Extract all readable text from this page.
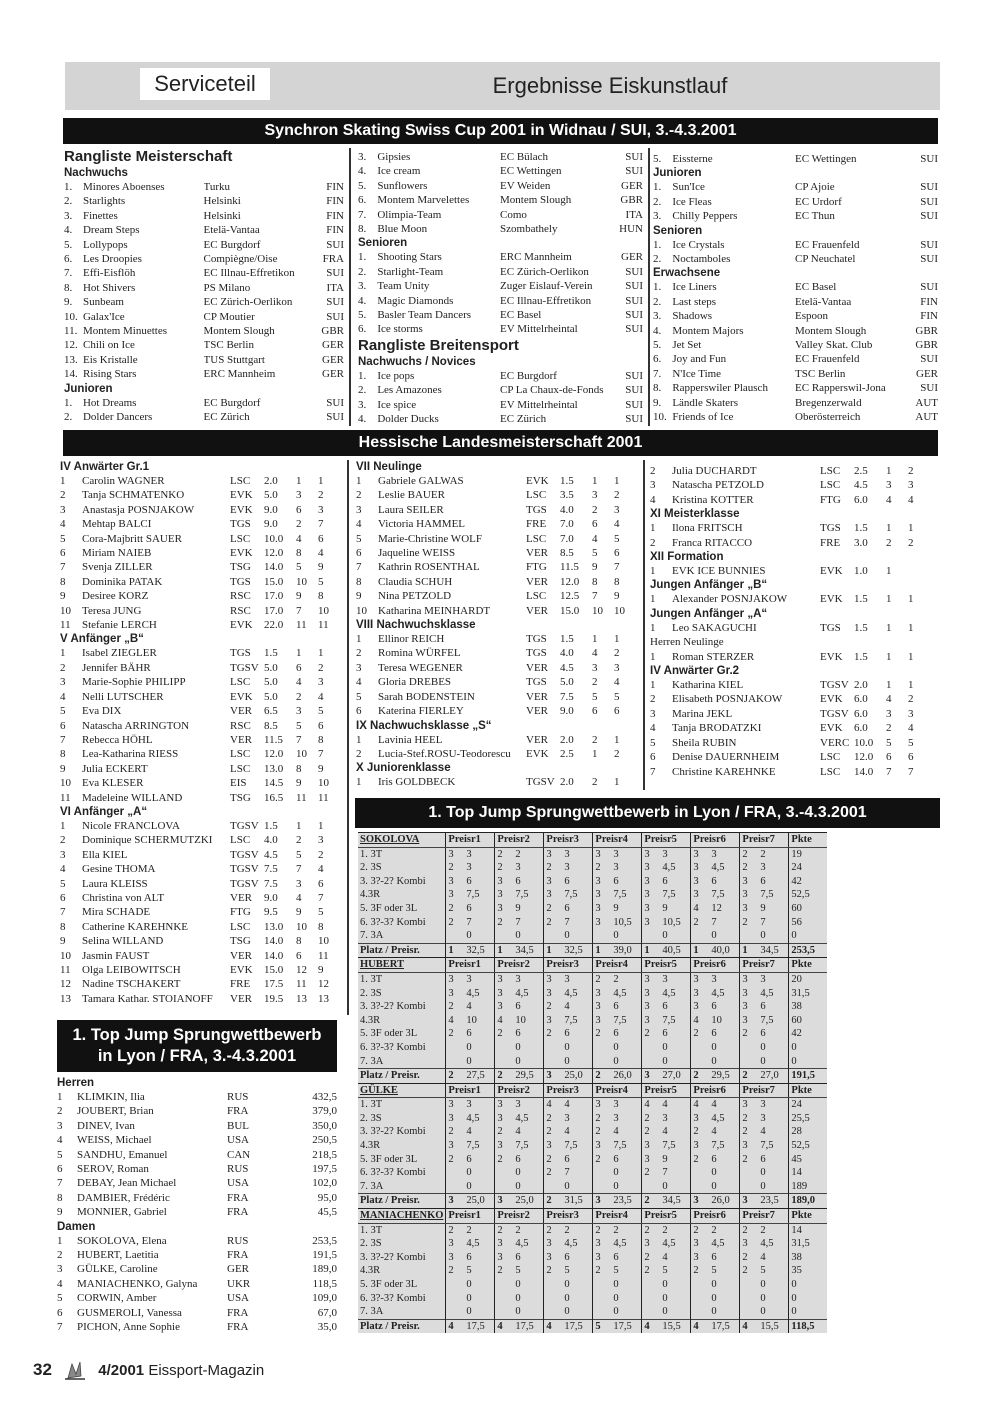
Serviceteil	Ergebnisse Eiskunstlauf
Synchron Skating Swiss Cup 2001 in Widnau / SUI, 3.-4.3.2001
Rangliste Meisterschaft
Nachwuchs
1. Minores Aboenses	Turku	FIN
2. Starlights	Helsinki	FIN
3. Finettes	Helsinki	FIN
4. Dream Steps	Etelä-Vantaa	FIN
5. Lollypops	EC Burgdorf	SUI
6. Les Droopies	Compiègne/Oise	FRA
7. Effi-Eisflöh	EC Illnau-Effretikon	SUI
8. Hot Shivers	PS Milano	ITA
9. Sunbeam	EC Zürich-Oerlikon	SUI
10. Galax'Ice	CP Moutier	SUI
11. Montem Minuettes	Montem Slough	GBR
12. Chili on Ice	TSC Berlin	GER
13. Eis Kristalle	TUS Stuttgart	GER
14. Rising Stars	ERC Mannheim	GER
Junioren
1. Hot Dreams	EC Burgdorf	SUI
2. Dolder Dancers	EC Zürich	SUI
3.	Gipsies	EC Bülach	SUI
4.	Ice cream	EC Wettingen	SUI
5.	Sunflowers	EV Weiden	GER
6.	Montem Marvelettes	Montem Slough	GBR
7.	Olimpia-Team	Como	ITA
8.	Blue Moon	Szombathely	HUN
Senioren
1.	Shooting Stars	ERC Mannheim	GER
2.	Starlight-Team	EC Zürich-Oerlikon	SUI
3.	Team Unity	Zuger Eislauf-Verein	SUI
4.	Magic Diamonds	EC Illnau-Effretikon	SUI
5.	Basler Team Dancers	EC Basel	SUI
6.	Ice storms	EV Mittelrheintal	SUI
Rangliste Breitensport
Nachwuchs / Novices
1.	Ice pops	EC Burgdorf	SUI
2.	Les Amazones	CP La Chaux-de-Fonds	SUI
3.	Ice spice	EV Mittelrheintal	SUI
4.	Dolder Ducks	EC Zürich	SUI
5.	Eissterne	EC Wettingen	SUI
Junioren
1.	Sun'Ice	CP Ajoie	SUI
2.	Ice Fleas	EC Urdorf	SUI
3.	Chilly Peppers	EC Thun	SUI
Senioren
1.	Ice Crystals	EC Frauenfeld	SUI
2.	Noctamboles	CP Neuchatel	SUI
Erwachsene
1.	Ice Liners	EC Basel	SUI
2.	Last steps	Etelä-Vantaa	FIN
3.	Shadows	Espoon	FIN
4.	Montem Majors	Montem Slough	GBR
5.	Jet Set	Valley Skat. Club	GBR
6.	Joy and Fun	EC Frauenfeld	SUI
7.	N'Ice Time	TSC Berlin	GER
8.	Rapperswiler Plausch	EC Rapperswil-Jona	SUI
9.	Ländle Skaters	Bregenzerwald	AUT
10. Friends of Ice	Oberösterreich	AUT
Hessische Landesmeisterschaft 2001
IV Anwärter Gr.1
1	Carolin WAGNER	LSC	2.0	1	1
2	Tanja SCHMATENKO	EVK	5.0	3	2
3	Anastasja POSNJAKOW	EVK	9.0	6	3
4	Mehtap BALCI	TGS	9.0	2	7
5	Cora-Majbritt SAUER	LSC	10.0	4	6
6	Miriam NAIEB	EVK	12.0	8	4
7	Svenja ZILLER	TSG	14.0	5	9
8	Dominika PATAK	TGS	15.0	10	5
9	Desiree KORZ	RSC	17.0	9	8
10	Teresa JUNG	RSC	17.0	7	10
11	Stefanie LERCH	EVK	22.0	11	11
V Anfänger „B“
1	Isabel ZIEGLER	TGS	1.5	1	1
2	Jennifer BÄHR	TGSV 5.0	6	2
3	Marie-Sophie PHILIPP	LSC	5.0	4	3
4	Nelli LUTSCHER	EVK	5.0	2	4
5	Eva DIX	VER	6.5	3	5
6	Natascha ARRINGTON	RSC	8.5	5	6
7	Rebecca HÖHL	VER	11.5	7	8
8	Lea-Katharina RIESS	LSC	12.0	10	7
9	Julia ECKERT	LSC	13.0	8	9
10	Eva KLESER	EIS	14.5	9	10
11	Madeleine WILLAND	TSG	16.5	11	11
VI Anfänger „A“
1	Nicole FRANCLOVA	TGSV 1.5	1	1
2	Dominique SCHERMUTZKI	LSC	4.0	2	3
3	Ella KIEL	TGSV 4.5	5	2
4	Gesine THOMA	TGSV 7.5	7	4
5	Laura KLEISS	TGSV 7.5	3	6
6	Christina von ALT	VER	9.0	4	7
7	Mira SCHADE	FTG	9.5	9	5
8	Catherine KAREHNKE	LSC	13.0	10	8
9	Selina WILLAND	TSG	14.0	8	10
10	Jasmin FAUST	VER	14.0	6	11
11	Olga LEIBOWITSCH	EVK	15.0	12	9
12	Nadine TSCHAKERT	FRE	17.5	11	12
13	Tamara Kathar. STOIANOFF	VER	19.5	13	13
VII Neulinge
1	Gabriele GALWAS	EVK	1.5	1	1
2	Leslie BAUER	LSC	3.5	3	2
3	Laura SEILER	TGS	4.0	2	3
4	Victoria HAMMEL	FRE	7.0	6	4
5	Marie-Christine WOLF	LSC	7.0	4	5
6	Jaqueline WEISS	VER	8.5	5	6
7	Kathrin ROSENTHAL	FTG	11.5	9	7
8	Claudia SCHUH	VER	12.0	8	8
9	Nina PETZOLD	LSC	12.5	7	9
10	Katharina MEINHARDT	VER	15.0	10	10
VIII Nachwuchsklasse
1	Ellinor REICH	TGS	1.5	1	1
2	Romina WÜRFEL	TGS	4.0	4	2
3	Teresa WEGENER	VER	4.5	3	3
4	Gloria DREBES	TGS	5.0	2	4
5	Sarah BODENSTEIN	VER	7.5	5	5
6	Katerina FIERLEY	VER	9.0	6	6
IX Nachwuchsklasse „S“
1	Lavinia HEEL	VER	2.0	2	1
2	Lucia-Stef.ROSU-Teodorescu	EVK	2.5	1	2
X Juniorenklasse
1	Iris GOLDBECK	TGSV 2.0	2	1
2	Julia DUCHARDT	LSC	2.5	1	2
3	Natascha PETZOLD	LSC	4.5	3	3
4	Kristina KOTTER	FTG	6.0	4	4
XI Meisterklasse
1	Ilona FRITSCH	TGS	1.5	1	1
2	Franca RITACCO	FRE	3.0	2	2
XII Formation
1	EVK ICE BUNNIES	EVK	1.0	1
Jungen Anfänger „B“
1	Alexander POSNJAKOW	EVK	1.5	1	1
Jungen Anfänger „A“
1	Leo SAKAGUCHI	TGS	1.5	1	1
Herren Neulinge
1	Roman STERZER	EVK	1.5	1	1
IV Anwärter Gr.2
1	Katharina KIEL	TGSV 2.0	1	1
2	Elisabeth POSNJAKOW	EVK	6.0	4	2
3	Marina JEKL	TGSV 6.0	3	3
4	Tanja BRODATZKI	EVK	6.0	2	4
5	Sheila RUBIN	VERC 10.0	5	5
6	Denise DAUERNHEIM	LSC	12.0	6	6
7	Christine KAREHNKE	LSC	14.0	7	7
1. Top Jump Sprungwettbewerb
in Lyon / FRA, 3.-4.3.2001
Herren
1	KLIMKIN, Ilia	RUS	432,5
2	JOUBERT, Brian	FRA	379,0
3	DINEV, Ivan	BUL	350,0
4	WEISS, Michael	USA	250,5
5	SANDHU, Emanuel	CAN	218,5
6	SEROV, Roman	RUS	197,5
7	DEBAY, Jean Michael	USA	102,0
8	DAMBIER, Frédéric	FRA	95,0
9	MONNIER, Gabriel	FRA	45,5
Damen
1	SOKOLOVA, Elena	RUS	253,5
2	HUBERT, Laetitia	FRA	191,5
3	GÜLKE, Caroline	GER	189,0
4	MANIACHENKO, Galyna	UKR	118,5
5	CORWIN, Amber	USA	109,0
6	GUSMEROLI, Vanessa	FRA	67,0
7	PICHON, Anne Sophie	FRA	35,0
1. Top Jump Sprungwettbewerb in Lyon / FRA, 3.-4.3.2001
SOKOLOVA	Preisr1		Preisr2		Preisr3		Preisr4		Preisr5		Preisr6		Preisr7		Pkte
1. 3T	3	3	2	2	3	3	3	3	3	3	3	3	2	2	19
2. 3S	2	3	2	3	2	3	2	3	3	4,5	3	4,5	2	3	24
3. 3?-2? Kombi	3	6	3	6	3	6	3	6	3	6	3	6	3	6	42
4.3R	3	7,5	3	7,5	3	7,5	3	7,5	3	7,5	3	7,5	3	7,5	52,5
5. 3F oder 3L	2	6	3	9	2	6	3	9	3	9	4	12	3	9	60
6. 3?-3? Kombi	2	7	2	7	2	7	3	10,5	3	10,5	2	7	2	7	56
7. 3A		0		0		0		0		0		0		0	0
Platz / Preisr.	1	32,5	1	34,5	1	32,5	1	39,0	1	40,5	1	40,0	1	34,5	253,5
HUBERT	Preisr1		Preisr2		Preisr3		Preisr4		Preisr5		Preisr6		Preisr7		Pkte
1. 3T	3	3	3	3	3	3	2	2	3	3	3	3	3	3	20
2. 3S	3	4,5	3	4,5	3	4,5	3	4,5	3	4,5	3	4,5	3	4,5	31,5
3. 3?-2? Kombi	2	4	3	6	2	4	3	6	3	6	3	6	3	6	38
4.3R	4	10	4	10	3	7,5	3	7,5	3	7,5	4	10	3	7,5	60
5. 3F oder 3L	2	6	2	6	2	6	2	6	2	6	2	6	2	6	42
6. 3?-3? Kombi		0		0		0		0		0		0		0	0
7. 3A		0		0		0		0		0		0		0	0
Platz / Preisr.	2	27,5	2	29,5	3	25,0	2	26,0	3	27,0	2	29,5	2	27,0	191,5
GÜLKE	Preisr1		Preisr2		Preisr3		Preisr4		Preisr5		Preisr6		Preisr7		Pkte
1. 3T	3	3	3	3	4	4	3	3	4	4	4	4	3	3	24
2. 3S	3	4,5	3	4,5	2	3	2	3	2	3	3	4,5	2	3	25,5
3. 3?-2? Kombi	2	4	2	4	2	4	2	4	2	4	2	4	2	4	28
4.3R	3	7,5	3	7,5	3	7,5	3	7,5	3	7,5	3	7,5	3	7,5	52,5
5. 3F oder 3L	2	6	2	6	2	6	2	6	3	9	2	6	2	6	45
6. 3?-3? Kombi		0		0	2	7		0	2	7		0		0	14
7. 3A		0		0		0		0		0		0		0	189
Platz / Preisr.	3	25,0	3	25,0	2	31,5	3	23,5	2	34,5	3	26,0	3	23,5	189,0
MANIACHENKO	Preisr1		Preisr2		Preisr3		Preisr4		Preisr5		Preisr6		Preisr7		Pkte
1. 3T	2	2	2	2	2	2	2	2	2	2	2	2	2	2	14
2. 3S	3	4,5	3	4,5	3	4,5	3	4,5	3	4,5	3	4,5	3	4,5	31,5
3. 3?-2? Kombi	3	6	3	6	3	6	3	6	2	4	3	6	2	4	38
4.3R	2	5	2	5	2	5	2	5	2	5	2	5	2	5	35
5. 3F oder 3L		0		0		0		0		0		0		0	0
6. 3?-3? Kombi		0		0		0		0		0		0		0	0
7. 3A		0		0		0		0		0		0		0	0
Platz / Preisr.	4	17,5	4	17,5	4	17,5	5	17,5	4	15,5	4	17,5	4	15,5	118,5
32	4/2001 Eissport-Magazin
